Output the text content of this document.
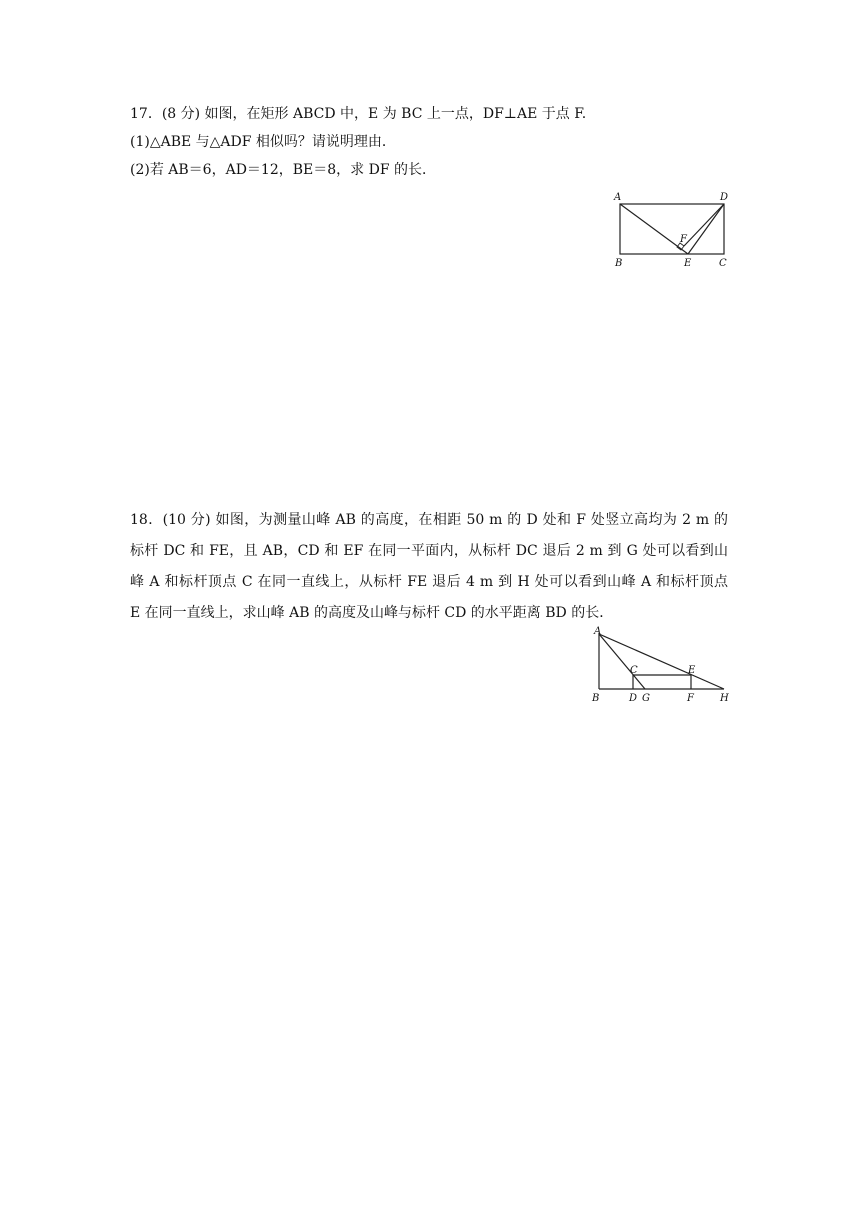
17．(8 分) 如图，在矩形 ABCD 中，E 为 BC 上一点，DF⊥AE 于点 F.
(1)△ABE 与△ADF 相似吗？请说明理由．
(2)若 AB＝6，AD＝12，BE＝8，求 DF 的长．
A	D
F
B	E	C
18．(10 分) 如图，为测量山峰 AB 的高度，在相距 50 m 的 D 处和 F 处竖立高均为 2 m 的
标杆 DC 和 FE，且 AB，CD 和 EF 在同一平面内，从标杆 DC 退后 2 m 到 G 处可以看到山
峰 A 和标杆顶点 C 在同一直线上，从标杆 FE 退后 4 m 到 H 处可以看到山峰 A 和标杆顶点
E 在同一直线上，求山峰 AB 的高度及山峰与标杆 CD 的水平距离 BD 的长．
A
C	E
B	D G	F	H
